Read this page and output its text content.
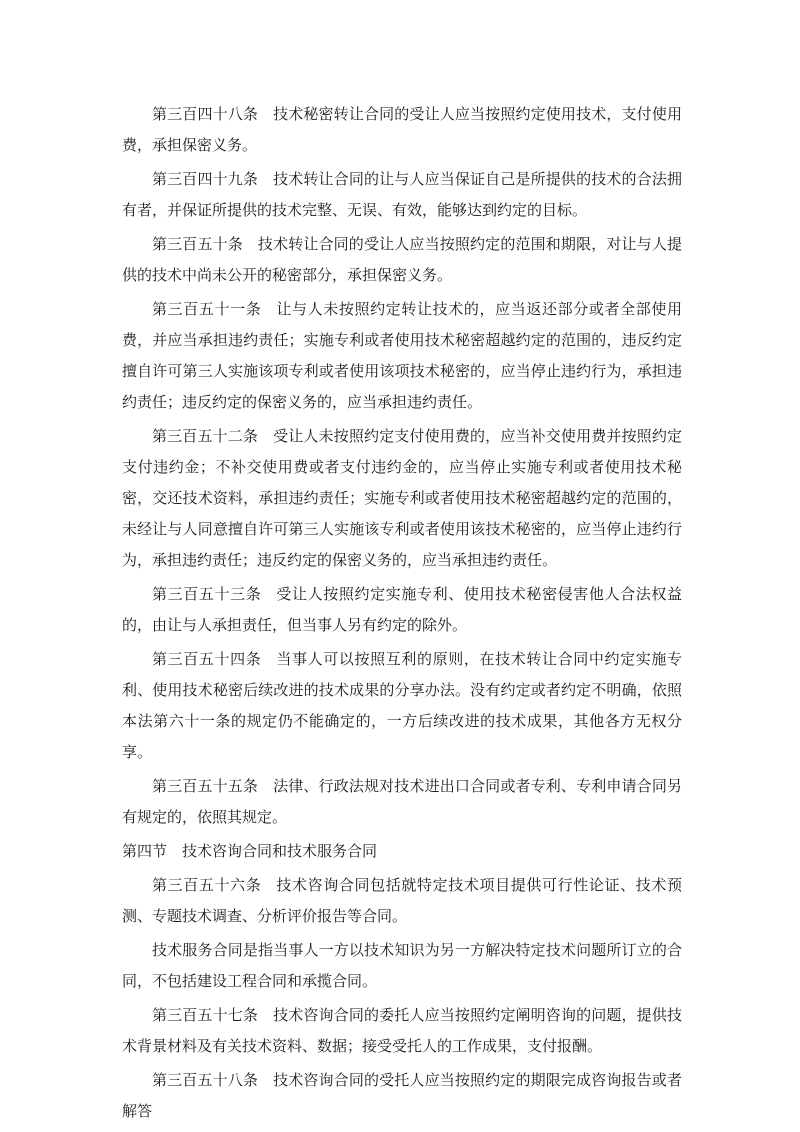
第三百四十八条 技术秘密转让合同的受让人应当按照约定使用技术，支付使用费，承担保密义务。

第三百四十九条 技术转让合同的让与人应当保证自己是所提供的技术的合法拥有者，并保证所提供的技术完整、无误、有效，能够达到约定的目标。

第三百五十条 技术转让合同的受让人应当按照约定的范围和期限，对让与人提供的技术中尚未公开的秘密部分，承担保密义务。

第三百五十一条 让与人未按照约定转让技术的，应当返还部分或者全部使用费，并应当承担违约责任；实施专利或者使用技术秘密超越约定的范围的，违反约定擅自许可第三人实施该项专利或者使用该项技术秘密的，应当停止违约行为，承担违约责任；违反约定的保密义务的，应当承担违约责任。

第三百五十二条 受让人未按照约定支付使用费的，应当补交使用费并按照约定支付违约金；不补交使用费或者支付违约金的，应当停止实施专利或者使用技术秘密，交还技术资料，承担违约责任；实施专利或者使用技术秘密超越约定的范围的，未经让与人同意擅自许可第三人实施该专利或者使用该技术秘密的，应当停止违约行为，承担违约责任；违反约定的保密义务的，应当承担违约责任。

第三百五十三条 受让人按照约定实施专利、使用技术秘密侵害他人合法权益的，由让与人承担责任，但当事人另有约定的除外。

第三百五十四条 当事人可以按照互利的原则，在技术转让合同中约定实施专利、使用技术秘密后续改进的技术成果的分享办法。没有约定或者约定不明确，依照本法第六十一条的规定仍不能确定的，一方后续改进的技术成果，其他各方无权分享。

第三百五十五条 法律、行政法规对技术进出口合同或者专利、专利申请合同另有规定的，依照其规定。

第四节 技术咨询合同和技术服务合同

第三百五十六条 技术咨询合同包括就特定技术项目提供可行性论证、技术预测、专题技术调查、分析评价报告等合同。

技术服务合同是指当事人一方以技术知识为另一方解决特定技术问题所订立的合同，不包括建设工程合同和承揽合同。

第三百五十七条 技术咨询合同的委托人应当按照约定阐明咨询的问题，提供技术背景材料及有关技术资料、数据；接受受托人的工作成果，支付报酬。

第三百五十八条 技术咨询合同的受托人应当按照约定的期限完成咨询报告或者解答
